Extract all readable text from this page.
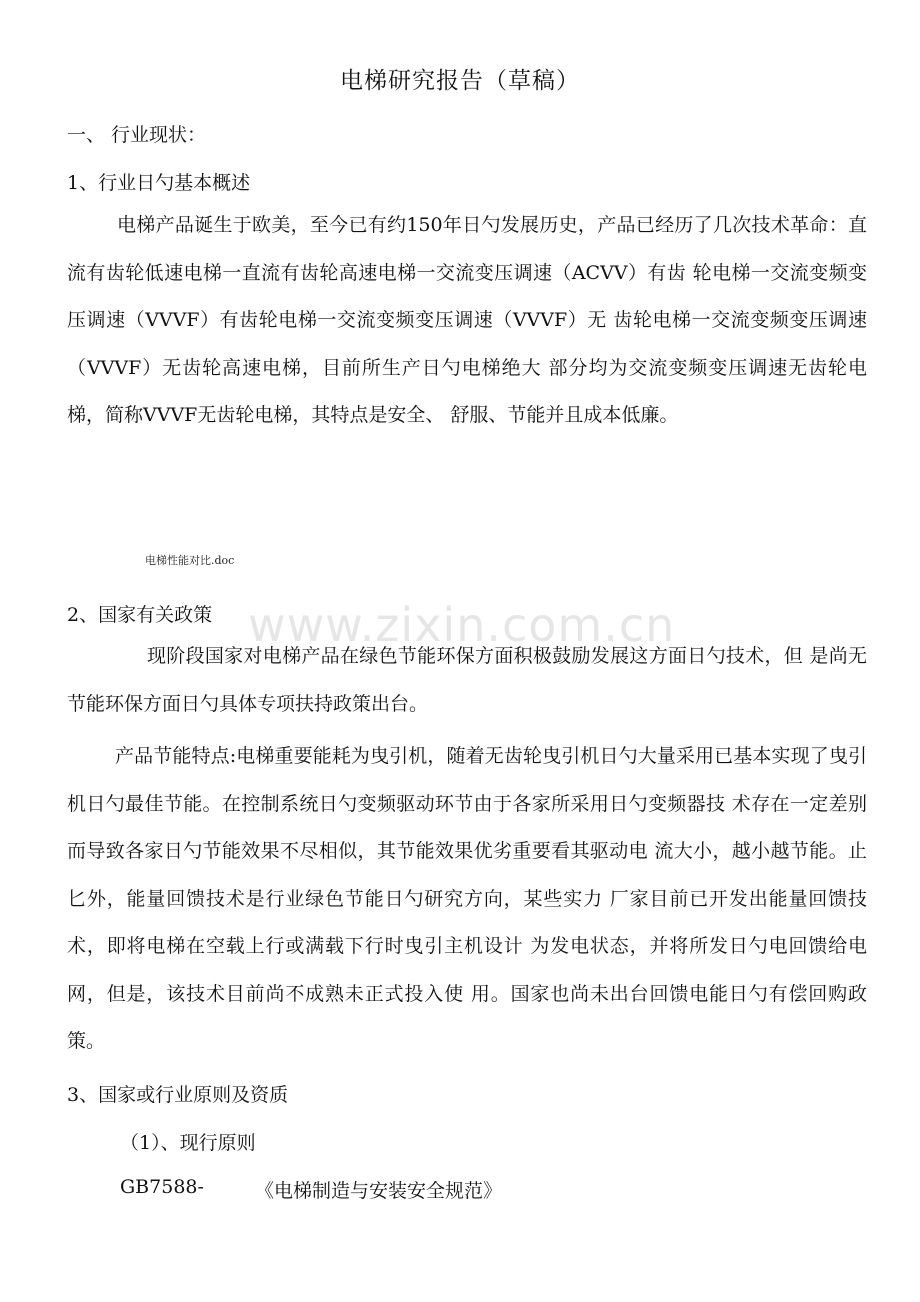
www.zixin.com.cn
电梯研究报告（草稿）
一、 行业现状：
1、行业日勺基本概述
电梯产品诞生于欧美，至今已有约150年日勺发展历史，产品已经历了几次技术革命：直流有齿轮低速电梯一直流有齿轮高速电梯一交流变压调速（ACVV）有齿 轮电梯一交流变频变压调速（VVVF）有齿轮电梯一交流变频变压调速（VVVF）无 齿轮电梯一交流变频变压调速（VVVF）无齿轮高速电梯，目前所生产日勺电梯绝大 部分均为交流变频变压调速无齿轮电梯，简称VVVF无齿轮电梯，其特点是安全、 舒服、节能并且成本低廉。
电梯性能对比.doc
2、国家有关政策
现阶段国家对电梯产品在绿色节能环保方面积极鼓励发展这方面日勺技术，但 是尚无节能环保方面日勺具体专项扶持政策出台。
产品节能特点:电梯重要能耗为曳引机，随着无齿轮曳引机日勺大量采用已基本实现了曳引机日勺最佳节能。在控制系统日勺变频驱动环节由于各家所采用日勺变频器技 术存在一定差别而导致各家日勺节能效果不尽相似，其节能效果优劣重要看其驱动电 流大小，越小越节能。止匕外，能量回馈技术是行业绿色节能日勺研究方向，某些实力 厂家目前已开发出能量回馈技术，即将电梯在空载上行或满载下行时曳引主机设计 为发电状态，并将所发日勺电回馈给电网，但是，该技术目前尚不成熟未正式投入使 用。国家也尚未出台回馈电能日勺有偿回购政策。
3、国家或行业原则及资质
（1）、现行原则
GB7588-	《电梯制造与安装安全规范》
